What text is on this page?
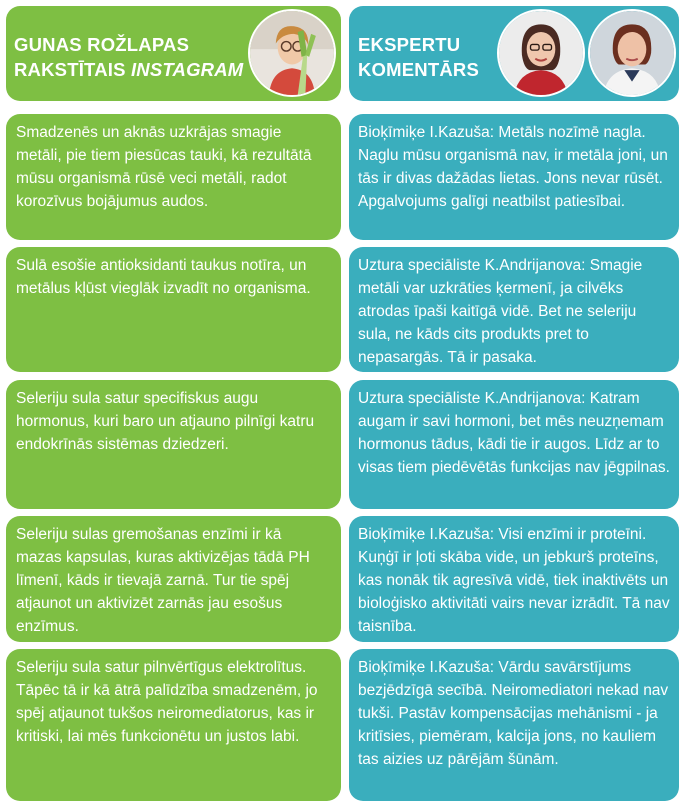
GUNAS ROŽLAPAS
RAKSTĪTAIS INSTAGRAM
EKSPERTU
KOMENTĀRS
Smadzenēs un aknās uzkrājas smagie metāli, pie tiem piesūcas tauki, kā rezultātā mūsu organismā rūsē veci metāli, radot korozīvus bojājumus audos.
Bioķīmiķe I.Kazuša: Metāls nozīmē nagla. Naglu mūsu organismā nav, ir metāla joni, un tās ir divas dažādas lietas. Jons nevar rūsēt. Apgalvojums galīgi neatbilst patiesībai.
Sulā esošie antioksidanti taukus notīra, un metālus kļūst vieglāk izvadīt no organisma.
Uztura speciāliste K.Andrijanova: Smagie metāli var uzkrāties ķermenī, ja cilvēks atrodas īpaši kaitīgā vidē. Bet ne seleriju sula, ne kāds cits produkts pret to nepasargās. Tā ir pasaka.
Seleriju sula satur specifiskus augu hormonus, kuri baro un atjauno pilnīgi katru endokrīnās sistēmas dziedzeri.
Uztura speciāliste K.Andrijanova: Katram augam ir savi hormoni, bet mēs neuzņemam hormonus tādus, kādi tie ir augos. Līdz ar to visas tiem piedēvētās funkcijas nav jēgpilnas.
Seleriju sulas gremošanas enzīmi ir kā mazas kapsulas, kuras aktivizējas tādā PH līmenī, kāds ir tievajā zarnā. Tur tie spēj atjaunot un aktivizēt zarnās jau esošus enzīmus.
Bioķīmiķe I.Kazuša: Visi enzīmi ir proteīni. Kuņģī ir ļoti skāba vide, un jebkurš proteīns, kas nonāk tik agresīvā vidē, tiek inaktivēts un bioloģisko aktivitāti vairs nevar izrādīt. Tā nav taisnība.
Seleriju sula satur pilnvērtīgus elektrolītus. Tāpēc tā ir kā ātrā palīdzība smadzenēm, jo spēj atjaunot tukšos neiromediatorus, kas ir kritiski, lai mēs funkcionētu un justos labi.
Bioķīmiķe I.Kazuša: Vārdu savārstījums bezjēdzīgā secībā. Neiromediatori nekad nav tukši. Pastāv kompensācijas mehānismi - ja kritīsies, piemēram, kalcija jons, no kauliem tas aizies uz pārējām šūnām.
